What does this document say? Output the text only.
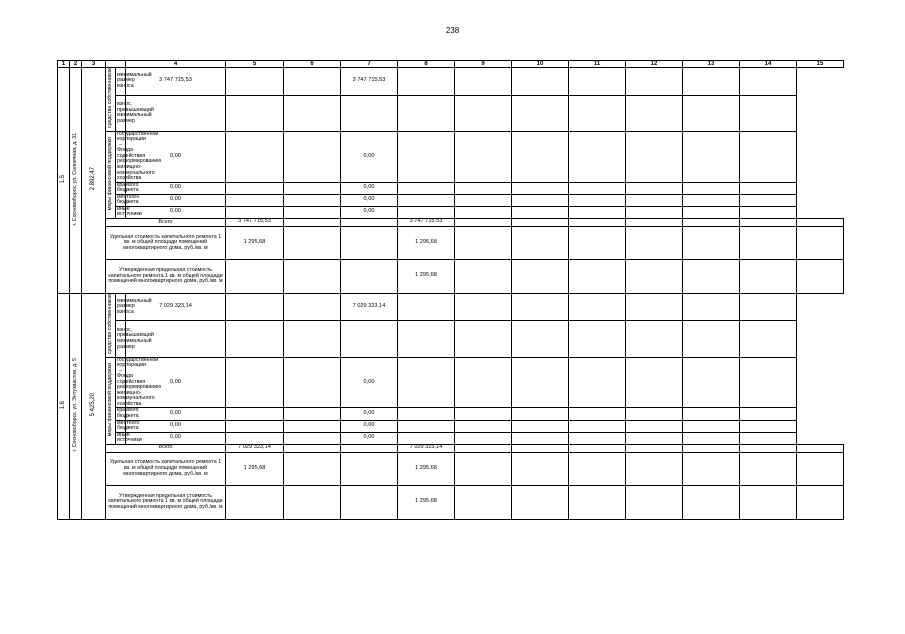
238
1	2	3			4	5	6	7	8	9	10	11	12	13	14	15
1.5	г. Сосновоборск, ул. Солнечная, д. 31	2 892,47	средства собственников	минимальный размер взноса	3 747 715,53			3 747 715,53								
				взнос, превышающий минимальный размер												
			меры финансовой поддержки	государственной корпорации – Фонда содействия реформированию жилищно-коммунального хозяйства	0,00			0,00								
				краевого бюджета	0,00			0,00								
				местного бюджета	0,00			0,00								
				иные источники	0,00			0,00								
			Всего			3 747 715,53			3 747 715,53							
			Удельная стоимость капитального ремонта 1 кв. м общей площади помещений многоквартирного дома, руб./кв. м			1 295,68			1 295,68							
			Утвержденная предельная стоимость капитального ремонта 1 кв. м общей площади помещений многоквартирного дома, руб./кв. м						1 295,68							
1.6	г. Сосновоборск, ул. Энтузиастов, д. 5	5 425,20	средства собственников	минимальный размер взноса	7 029 323,14			7 029 323,14								
				взнос, превышающий минимальный размер												
			меры финансовой поддержки	государственной корпорации – Фонда содействия реформированию жилищно-коммунального хозяйства	0,00			0,00								
				краевого бюджета	0,00			0,00								
				местного бюджета	0,00			0,00								
				иные источники	0,00			0,00								
			Всего			7 029 323,14			7 029 323,14							
			Удельная стоимость капитального ремонта 1 кв. м общей площади помещений многоквартирного дома, руб./кв. м			1 295,68			1 295,68							
			Утвержденная предельная стоимость капитального ремонта 1 кв. м общей площади помещений многоквартирного дома, руб./кв. м						1 295,68							
